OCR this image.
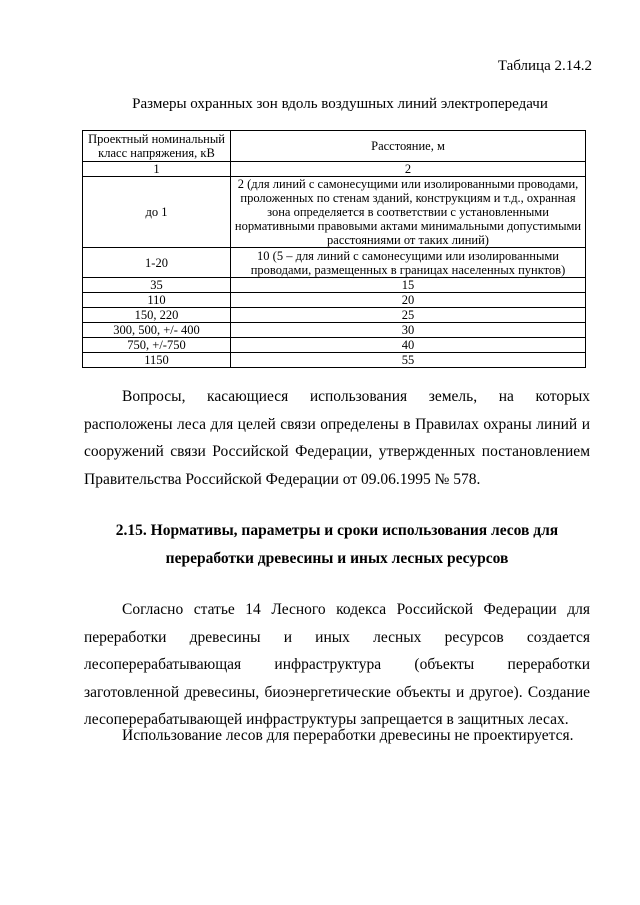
Таблица 2.14.2
Размеры охранных зон вдоль воздушных линий электропередачи
Проектный номинальный класс напряжения, кВ	Расстояние, м
1	2
до 1	2 (для линий с самонесущими или изолированными проводами, проложенных по стенам зданий, конструкциям и т.д., охранная зона определяется в соответствии с установленными нормативными правовыми актами минимальными допустимыми расстояниями от таких линий)
1-20	10 (5 – для линий с самонесущими или изолированными проводами, размещенных в границах населенных пунктов)
35	15
110	20
150, 220	25
300, 500, +/- 400	30
750, +/-750	40
1150	55

Вопросы, касающиеся использования земель, на которых расположены леса для целей связи определены в Правилах охраны линий и сооружений связи Российской Федерации, утвержденных постановлением Правительства Российской Федерации от 09.06.1995 № 578.

2.15. Нормативы, параметры и сроки использования лесов для переработки древесины и иных лесных ресурсов

Согласно статье 14 Лесного кодекса Российской Федерации для переработки древесины и иных лесных ресурсов создается лесоперерабатывающая инфраструктура (объекты переработки заготовленной древесины, биоэнергетические объекты и другое). Создание лесоперерабатывающей инфраструктуры запрещается в защитных лесах.

Использование лесов для переработки древесины не проектируется.
